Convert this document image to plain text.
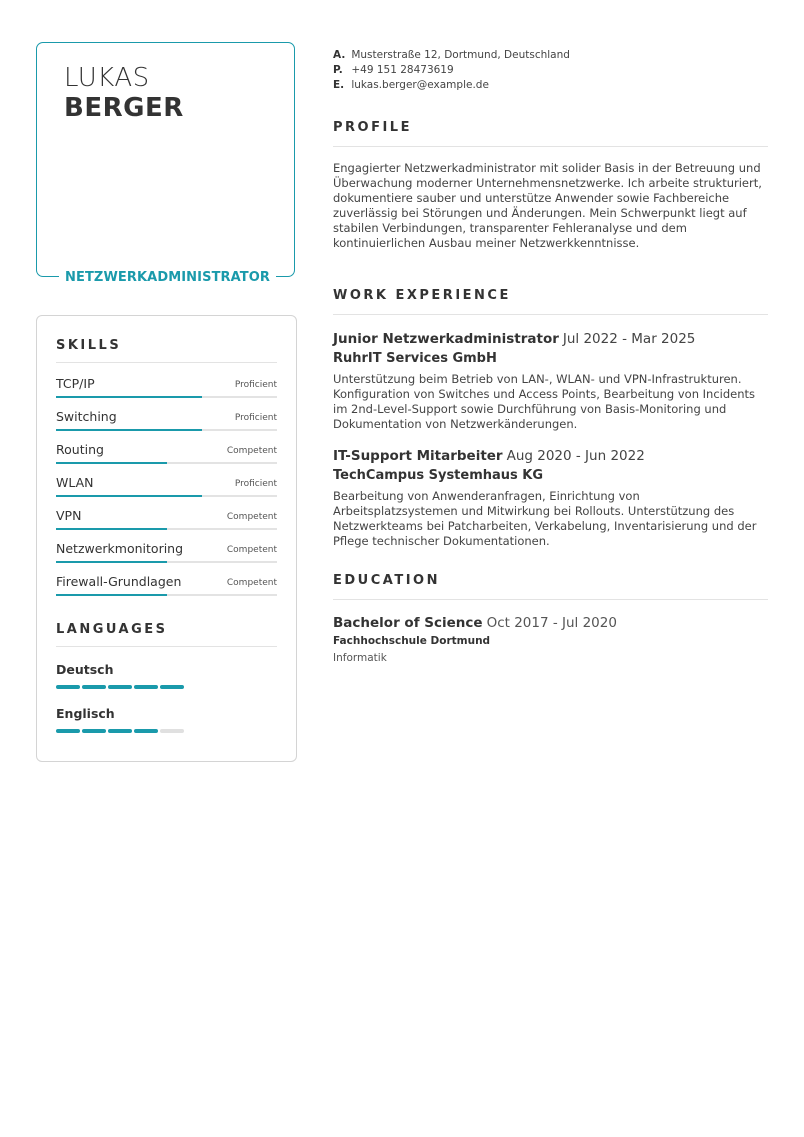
LUKAS
BERGER
NETZWERKADMINISTRATOR
SKILLS
TCP/IP	Proficient
Switching	Proficient
Routing	Competent
WLAN	Proficient
VPN	Competent
Netzwerkmonitoring	Competent
Firewall-Grundlagen	Competent
LANGUAGES
Deutsch
Englisch
A. Musterstraße 12, Dortmund, Deutschland
P. +49 151 28473619
E. lukas.berger@example.de
PROFILE
Engagierter Netzwerkadministrator mit solider Basis in der Betreuung und Überwachung moderner Unternehmensnetzwerke. Ich arbeite strukturiert, dokumentiere sauber und unterstütze Anwender sowie Fachbereiche zuverlässig bei Störungen und Änderungen. Mein Schwerpunkt liegt auf stabilen Verbindungen, transparenter Fehleranalyse und dem kontinuierlichen Ausbau meiner Netzwerkkenntnisse.
WORK EXPERIENCE
Junior Netzwerkadministrator Jul 2022 - Mar 2025
RuhrIT Services GmbH
Unterstützung beim Betrieb von LAN-, WLAN- und VPN-Infrastrukturen. Konfiguration von Switches und Access Points, Bearbeitung von Incidents im 2nd-Level-Support sowie Durchführung von Basis-Monitoring und Dokumentation von Netzwerkänderungen.
IT-Support Mitarbeiter Aug 2020 - Jun 2022
TechCampus Systemhaus KG
Bearbeitung von Anwenderanfragen, Einrichtung von Arbeitsplatzsystemen und Mitwirkung bei Rollouts. Unterstützung des Netzwerkteams bei Patcharbeiten, Verkabelung, Inventarisierung und der Pflege technischer Dokumentationen.
EDUCATION
Bachelor of Science Oct 2017 - Jul 2020
Fachhochschule Dortmund
Informatik
